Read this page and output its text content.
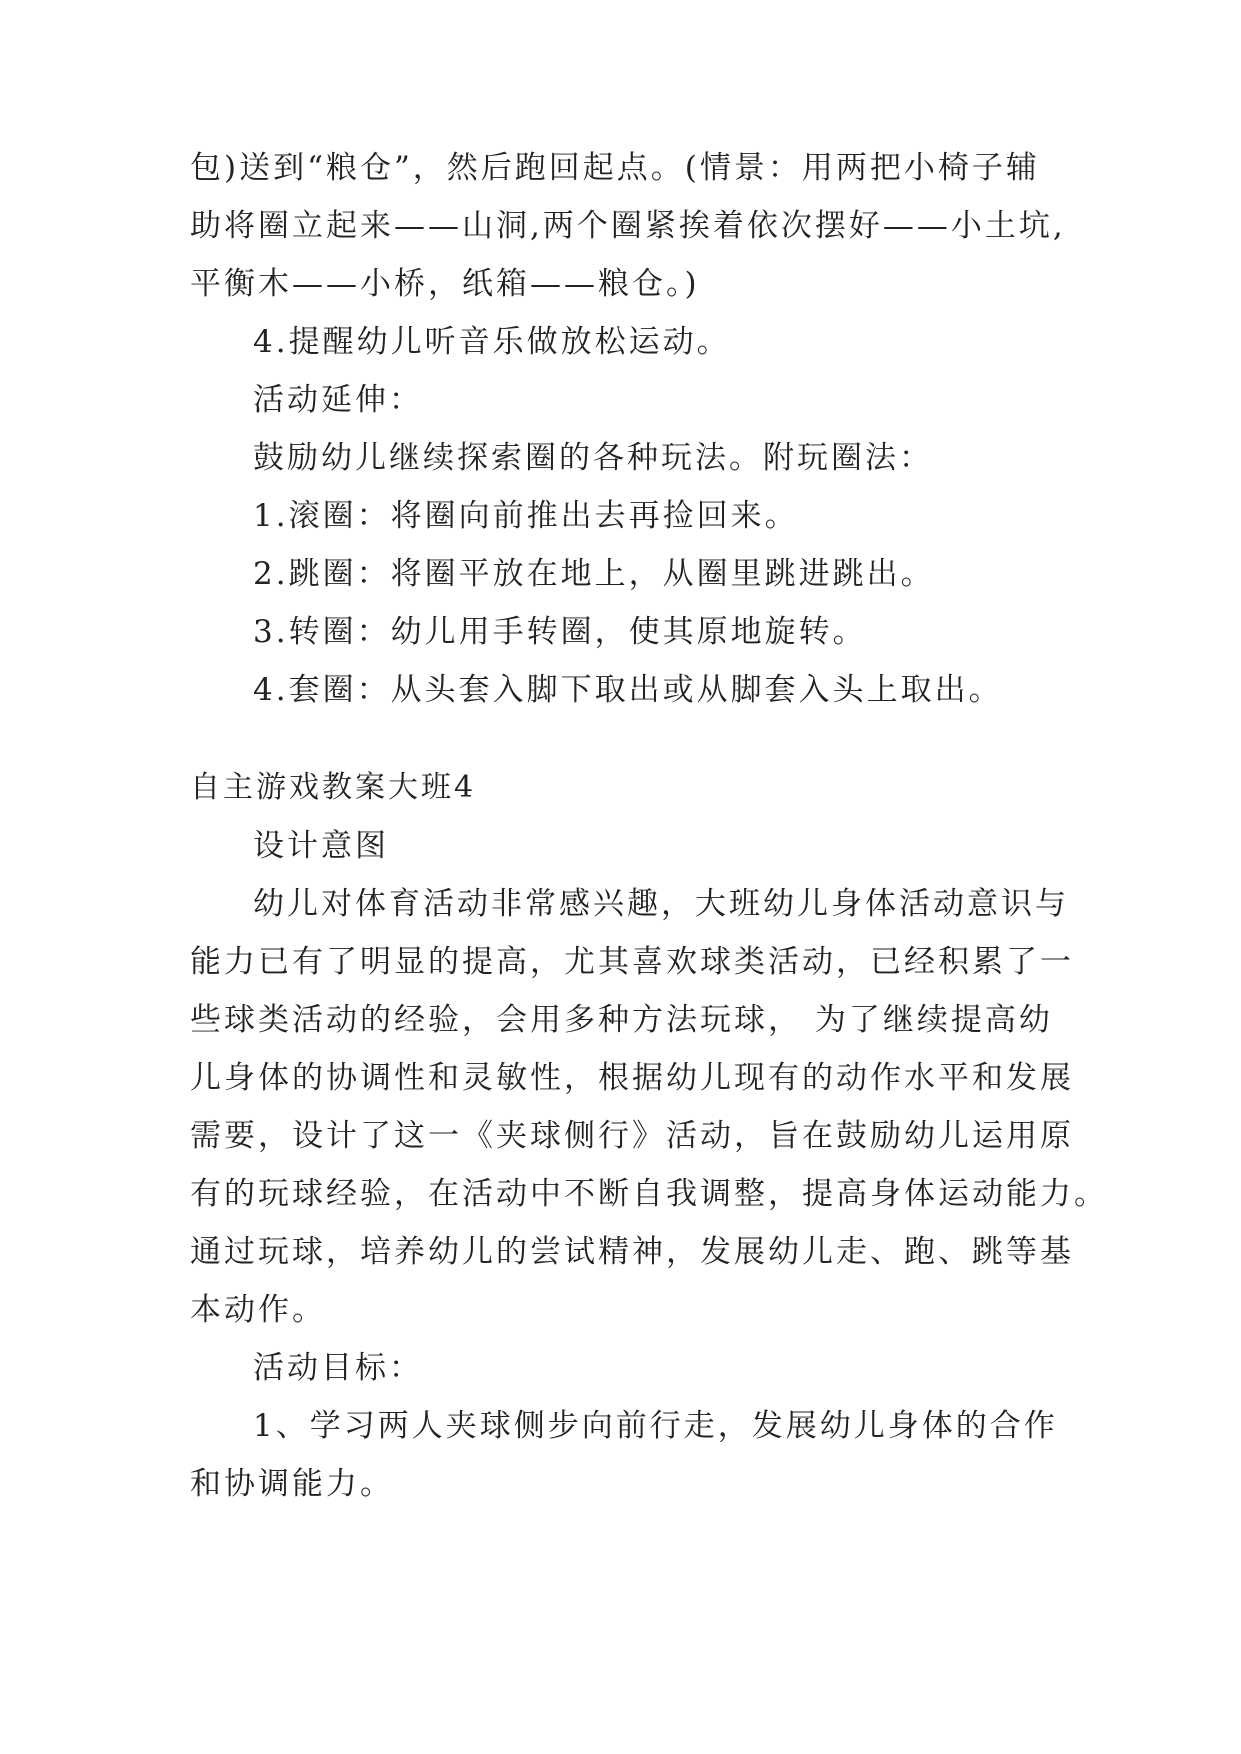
包)送到“粮仓”，然后跑回起点。(情景：用两把小椅子辅
助将圈立起来——山洞,两个圈紧挨着依次摆好——小土坑,
平衡木——小桥，纸箱——粮仓。)
4.提醒幼儿听音乐做放松运动。
活动延伸：
鼓励幼儿继续探索圈的各种玩法。附玩圈法：
1.滚圈：将圈向前推出去再捡回来。
2.跳圈：将圈平放在地上，从圈里跳进跳出。
3.转圈：幼儿用手转圈，使其原地旋转。
4.套圈：从头套入脚下取出或从脚套入头上取出。
自主游戏教案大班4
设计意图
幼儿对体育活动非常感兴趣，大班幼儿身体活动意识与
能力已有了明显的提高，尤其喜欢球类活动，已经积累了一
些球类活动的经验，会用多种方法玩球， 为了继续提高幼
儿身体的协调性和灵敏性，根据幼儿现有的动作水平和发展
需要，设计了这一《夹球侧行》活动，旨在鼓励幼儿运用原
有的玩球经验，在活动中不断自我调整，提高身体运动能力。
通过玩球，培养幼儿的尝试精神，发展幼儿走、跑、跳等基
本动作。
活动目标：
1、学习两人夹球侧步向前行走，发展幼儿身体的合作
和协调能力。
